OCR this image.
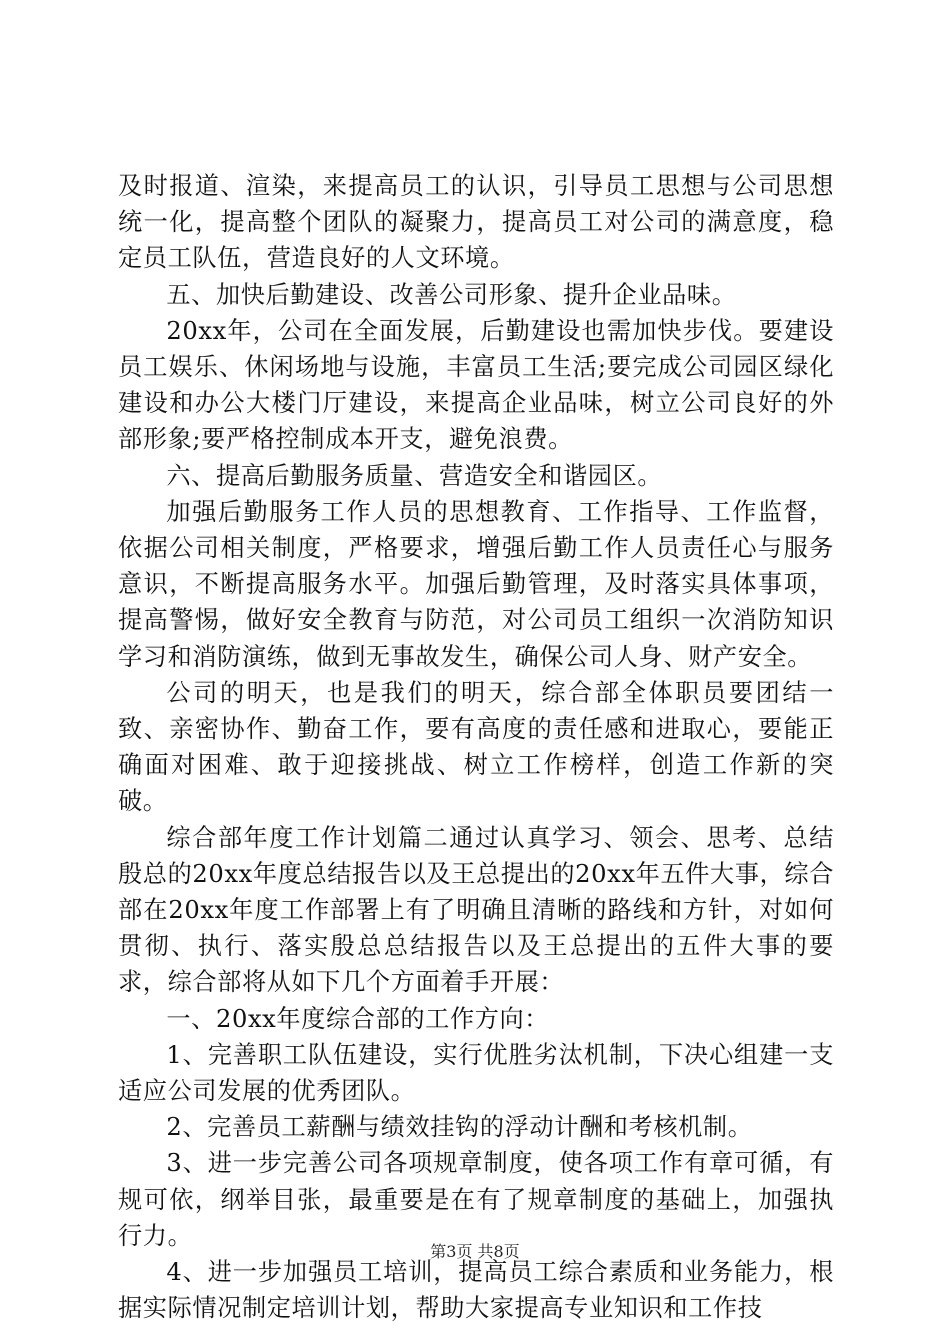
及时报道、渲染，来提高员工的认识，引导员工思想与公司思想统一化，提高整个团队的凝聚力，提高员工对公司的满意度，稳定员工队伍，营造良好的人文环境。

五、加快后勤建设、改善公司形象、提升企业品味。

20xx年，公司在全面发展，后勤建设也需加快步伐。要建设员工娱乐、休闲场地与设施，丰富员工生活;要完成公司园区绿化建设和办公大楼门厅建设，来提高企业品味，树立公司良好的外部形象;要严格控制成本开支，避免浪费。

六、提高后勤服务质量、营造安全和谐园区。

加强后勤服务工作人员的思想教育、工作指导、工作监督，依据公司相关制度，严格要求，增强后勤工作人员责任心与服务意识，不断提高服务水平。加强后勤管理，及时落实具体事项，提高警惕，做好安全教育与防范，对公司员工组织一次消防知识学习和消防演练，做到无事故发生，确保公司人身、财产安全。

公司的明天，也是我们的明天，综合部全体职员要团结一致、亲密协作、勤奋工作，要有高度的责任感和进取心，要能正确面对困难、敢于迎接挑战、树立工作榜样，创造工作新的突破。

综合部年度工作计划篇二通过认真学习、领会、思考、总结殷总的20xx年度总结报告以及王总提出的20xx年五件大事，综合部在20xx年度工作部署上有了明确且清晰的路线和方针，对如何贯彻、执行、落实殷总总结报告以及王总提出的五件大事的要求，综合部将从如下几个方面着手开展：

一、20xx年度综合部的工作方向：

1、完善职工队伍建设，实行优胜劣汰机制，下决心组建一支适应公司发展的优秀团队。

2、完善员工薪酬与绩效挂钩的浮动计酬和考核机制。

3、进一步完善公司各项规章制度，使各项工作有章可循，有规可依，纲举目张，最重要是在有了规章制度的基础上，加强执行力。

4、进一步加强员工培训，提高员工综合素质和业务能力，根据实际情况制定培训计划，帮助大家提高专业知识和工作技

第3页 共8页
